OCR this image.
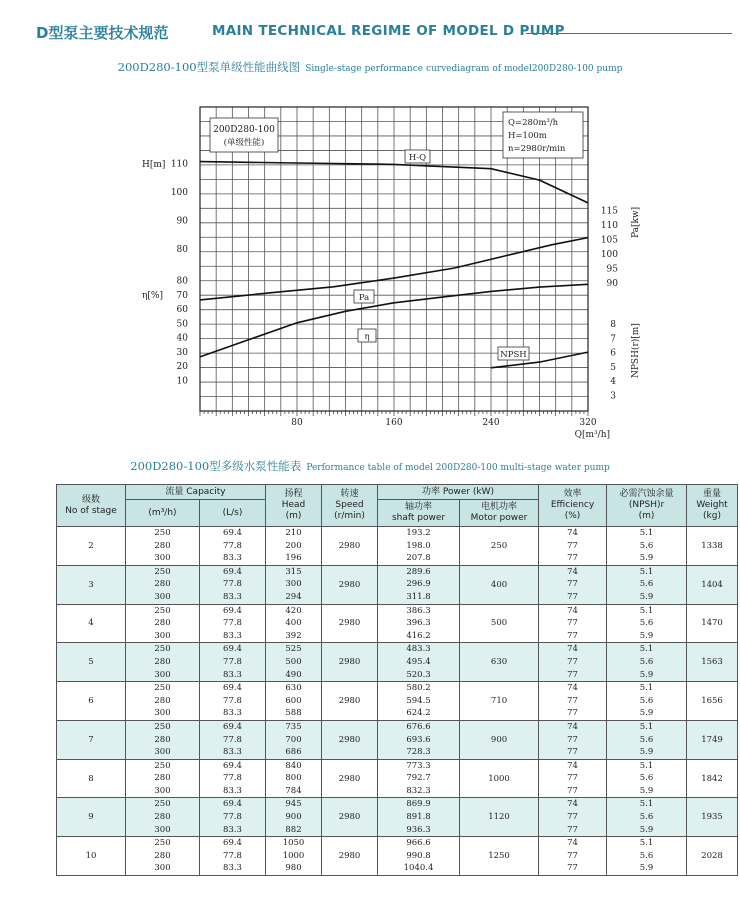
D型泵主要技术规范	MAIN TECHNICAL REGIME OF MODEL D PUMP
200D280-100型泵单级性能曲线图 Single-stage performance curvediagram of model200D280-100 pump
200D280-100
(单级性能)
Q=280m³/h
H=100m
n=2980r/min
H-Q
Pa
η
NPSH
H[m] 110
100
90
80
η[%]
80
70
60
50
40
30
20
10
115
110
105
100
95
90
Pa[kw]
8
7
6
5
4
3
NPSH(r)[m]
80	160	240	320
Q[m³/h]
200D280-100型多级水泵性能表 Performance table of model 200D280-100 multi-stage water pump
级数
No of stage	流量 Capacity		扬程
Head
(m)	转速
Speed
(r/min)	功率 Power (kW)		效率
Efficiency
(%)	必需汽蚀余量
(NPSH)r
(m)	重量
Weight
(kg)

	(m³/h)	(L/s)			轴功率
shaft power	电机功率
Motor power			

2	250
280
300	69.4
77.8
83.3	210
200
196	2980	193.2
198.0
207.8	250	74
77
77	5.1
5.6
5.9	1338
3	250
280
300	69.4
77.8
83.3	315
300
294	2980	289.6
296.9
311.8	400	74
77
77	5.1
5.6
5.9	1404
4	250
280
300	69.4
77.8
83.3	420
400
392	2980	386.3
396.3
416.2	500	74
77
77	5.1
5.6
5.9	1470
5	250
280
300	69.4
77.8
83.3	525
500
490	2980	483.3
495.4
520.3	630	74
77
77	5.1
5.6
5.9	1563
6	250
280
300	69.4
77.8
83.3	630
600
588	2980	580.2
594.5
624.2	710	74
77
77	5.1
5.6
5.9	1656
7	250
280
300	69.4
77.8
83.3	735
700
686	2980	676.6
693.6
728.3	900	74
77
77	5.1
5.6
5.9	1749
8	250
280
300	69.4
77.8
83.3	840
800
784	2980	773.3
792.7
832.3	1000	74
77
77	5.1
5.6
5.9	1842
9	250
280
300	69.4
77.8
83.3	945
900
882	2980	869.9
891.8
936.3	1120	74
77
77	5.1
5.6
5.9	1935
10	250
280
300	69.4
77.8
83.3	1050
1000
980	2980	966.6
990.8
1040.4	1250	74
77
77	5.1
5.6
5.9	2028
